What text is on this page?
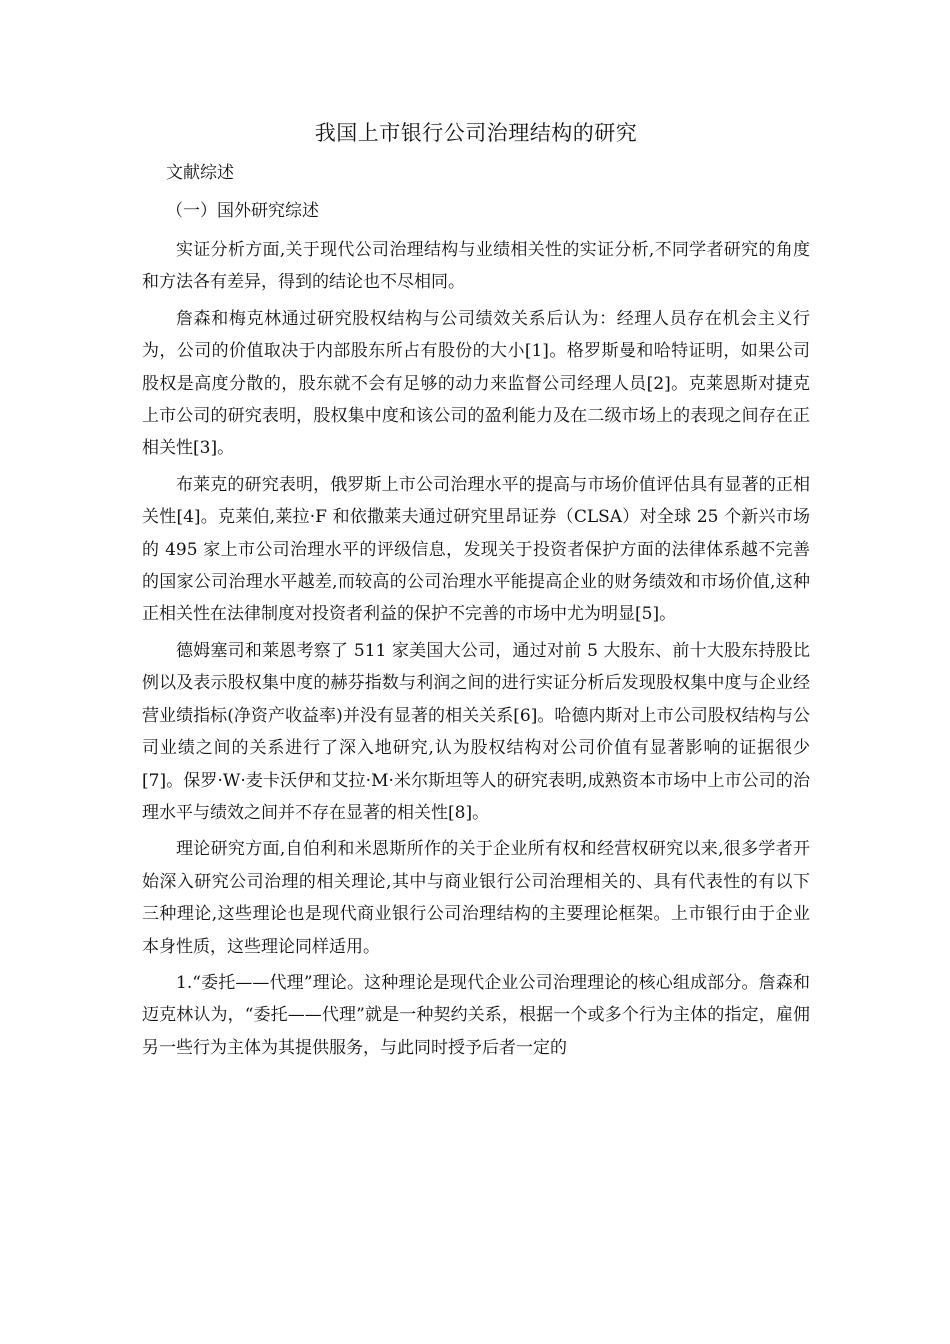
我国上市银行公司治理结构的研究
文献综述
（一）国外研究综述

实证分析方面,关于现代公司治理结构与业绩相关性的实证分析,不同学者研究的角度和方法各有差异，得到的结论也不尽相同。

詹森和梅克林通过研究股权结构与公司绩效关系后认为：经理人员存在机会主义行为，公司的价值取决于内部股东所占有股份的大小[1]。格罗斯曼和哈特证明，如果公司股权是高度分散的，股东就不会有足够的动力来监督公司经理人员[2]。克莱恩斯对捷克上市公司的研究表明，股权集中度和该公司的盈利能力及在二级市场上的表现之间存在正相关性[3]。

布莱克的研究表明，俄罗斯上市公司治理水平的提高与市场价值评估具有显著的正相关性[4]。克莱伯,莱拉·F 和依撒莱夫通过研究里昂证券（CLSA）对全球 25 个新兴市场的 495 家上市公司治理水平的评级信息，发现关于投资者保护方面的法律体系越不完善的国家公司治理水平越差,而较高的公司治理水平能提高企业的财务绩效和市场价值,这种正相关性在法律制度对投资者利益的保护不完善的市场中尤为明显[5]。

德姆塞司和莱恩考察了 511 家美国大公司，通过对前 5 大股东、前十大股东持股比例以及表示股权集中度的赫芬指数与利润之间的进行实证分析后发现股权集中度与企业经营业绩指标(净资产收益率)并没有显著的相关关系[6]。哈德内斯对上市公司股权结构与公司业绩之间的关系进行了深入地研究,认为股权结构对公司价值有显著影响的证据很少[7]。保罗·W·麦卡沃伊和艾拉·M·米尔斯坦等人的研究表明,成熟资本市场中上市公司的治理水平与绩效之间并不存在显著的相关性[8]。

理论研究方面,自伯利和米恩斯所作的关于企业所有权和经营权研究以来,很多学者开始深入研究公司治理的相关理论,其中与商业银行公司治理相关的、具有代表性的有以下三种理论,这些理论也是现代商业银行公司治理结构的主要理论框架。上市银行由于企业本身性质，这些理论同样适用。

1.“委托——代理”理论。这种理论是现代企业公司治理理论的核心组成部分。詹森和迈克林认为，“委托——代理”就是一种契约关系，根据一个或多个行为主体的指定，雇佣另一些行为主体为其提供服务，与此同时授予后者一定的
